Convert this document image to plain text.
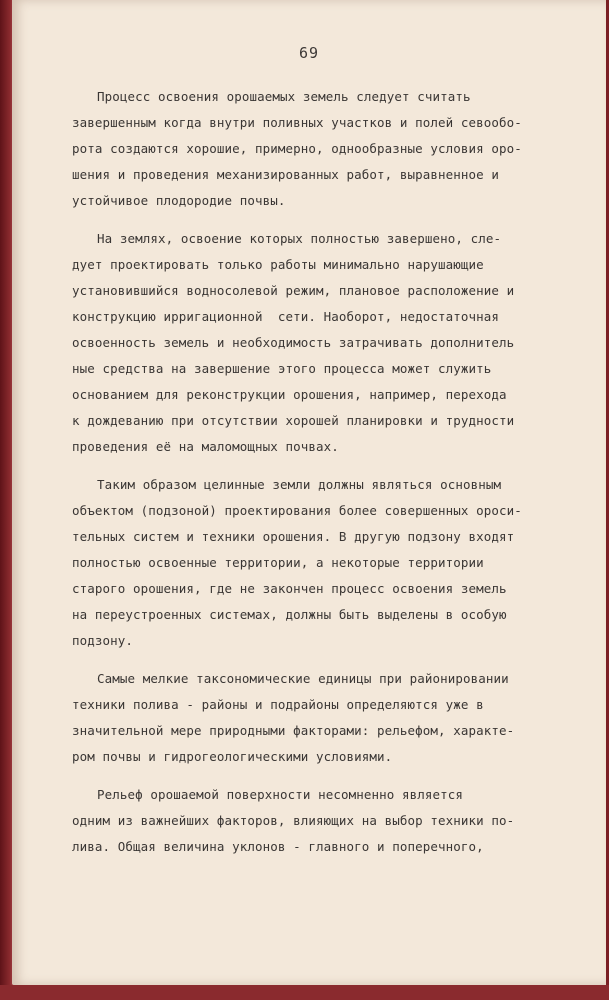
69
Процесс освоения орошаемых земель следует считать
завершенным когда внутри поливных участков и полей севообо-
рота создаются хорошие, примерно, однообразные условия оро-
шения и проведения механизированных работ, выравненное и
устойчивое плодородие почвы.
На землях, освоение которых полностью завершено, сле-
дует проектировать только работы минимально нарушающие
установившийся водносолевой режим, плановое расположение и
конструкцию ирригационной  сети. Наоборот, недостаточная
освоенность земель и необходимость затрачивать дополнитель
ные средства на завершение этого процесса может служить
основанием для реконструкции орошения, например, перехода
к дождеванию при отсутствии хорошей планировки и трудности
проведения её на маломощных почвах.
Таким образом целинные земли должны являться основным
объектом (подзоной) проектирования более совершенных ороси-
тельных систем и техники орошения. В другую подзону входят
полностью освоенные территории, а некоторые территории
старого орошения, где не закончен процесс освоения земель
на переустроенных системах, должны быть выделены в особую
подзону.
Самые мелкие таксономические единицы при районировании
техники полива - районы и подрайоны определяются уже в
значительной мере природными факторами: рельефом, характе-
ром почвы и гидрогеологическими условиями.
Рельеф орошаемой поверхности несомненно является
одним из важнейших факторов, влияющих на выбор техники по-
лива. Общая величина уклонов - главного и поперечного,
